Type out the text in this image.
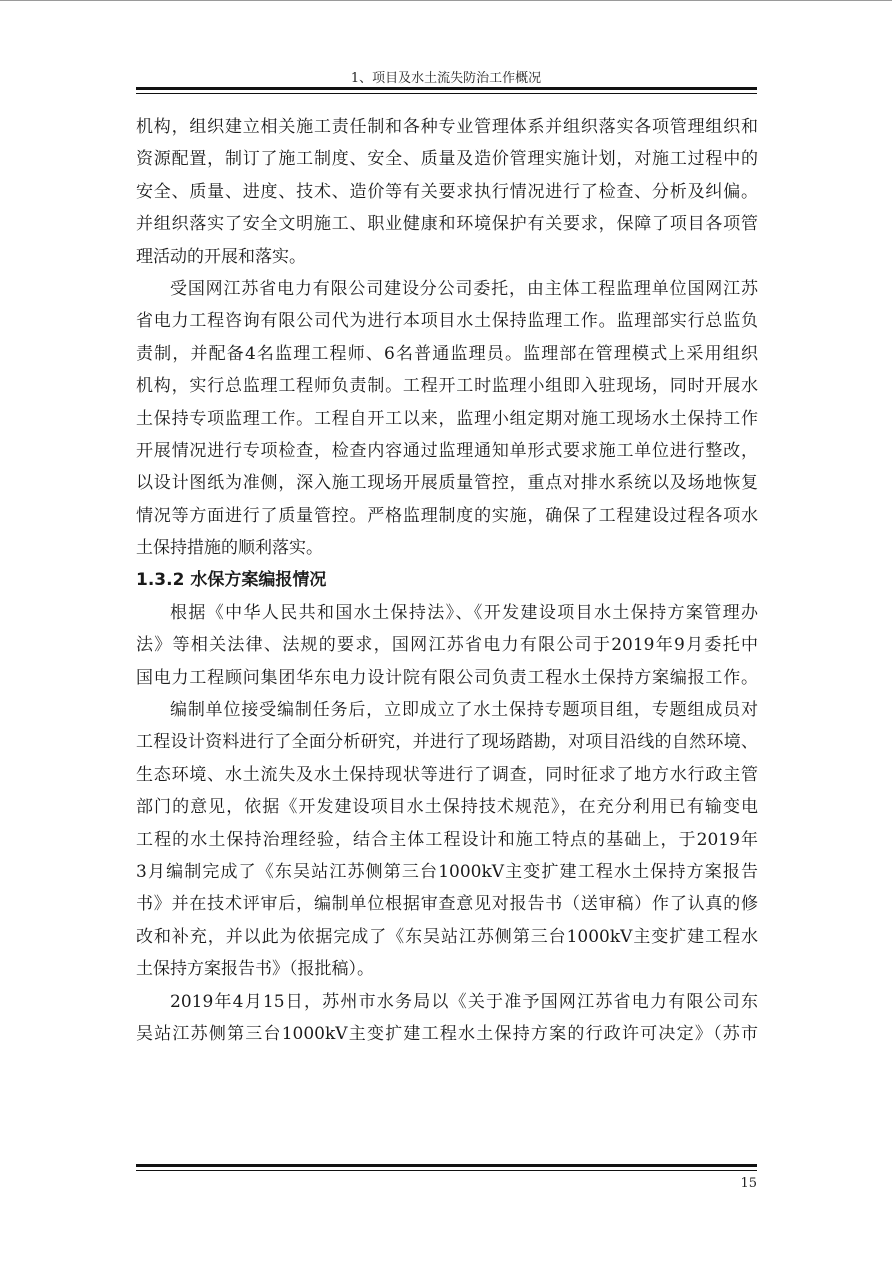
1、项目及水土流失防治工作概况
机构，组织建立相关施工责任制和各种专业管理体系并组织落实各项管理组织和
资源配置，制订了施工制度、安全、质量及造价管理实施计划，对施工过程中的
安全、质量、进度、技术、造价等有关要求执行情况进行了检查、分析及纠偏。
并组织落实了安全文明施工、职业健康和环境保护有关要求，保障了项目各项管
理活动的开展和落实。
受国网江苏省电力有限公司建设分公司委托，由主体工程监理单位国网江苏
省电力工程咨询有限公司代为进行本项目水土保持监理工作。监理部实行总监负
责制，并配备4名监理工程师、6名普通监理员。监理部在管理模式上采用组织
机构，实行总监理工程师负责制。工程开工时监理小组即入驻现场，同时开展水
土保持专项监理工作。工程自开工以来，监理小组定期对施工现场水土保持工作
开展情况进行专项检查，检查内容通过监理通知单形式要求施工单位进行整改，
以设计图纸为准侧，深入施工现场开展质量管控，重点对排水系统以及场地恢复
情况等方面进行了质量管控。严格监理制度的实施，确保了工程建设过程各项水
土保持措施的顺利落实。
1.3.2 水保方案编报情况
根据《中华人民共和国水土保持法》、《开发建设项目水土保持方案管理办
法》等相关法律、法规的要求，国网江苏省电力有限公司于2019年9月委托中
国电力工程顾问集团华东电力设计院有限公司负责工程水土保持方案编报工作。
编制单位接受编制任务后，立即成立了水土保持专题项目组，专题组成员对
工程设计资料进行了全面分析研究，并进行了现场踏勘，对项目沿线的自然环境、
生态环境、水土流失及水土保持现状等进行了调查，同时征求了地方水行政主管
部门的意见，依据《开发建设项目水土保持技术规范》，在充分利用已有输变电
工程的水土保持治理经验，结合主体工程设计和施工特点的基础上，于2019年
3月编制完成了《东吴站江苏侧第三台1000kV主变扩建工程水土保持方案报告
书》并在技术评审后，编制单位根据审查意见对报告书（送审稿）作了认真的修
改和补充，并以此为依据完成了《东吴站江苏侧第三台1000kV主变扩建工程水
土保持方案报告书》（报批稿）。
2019年4月15日，苏州市水务局以《关于准予国网江苏省电力有限公司东
吴站江苏侧第三台1000kV主变扩建工程水土保持方案的行政许可决定》（苏市
15
